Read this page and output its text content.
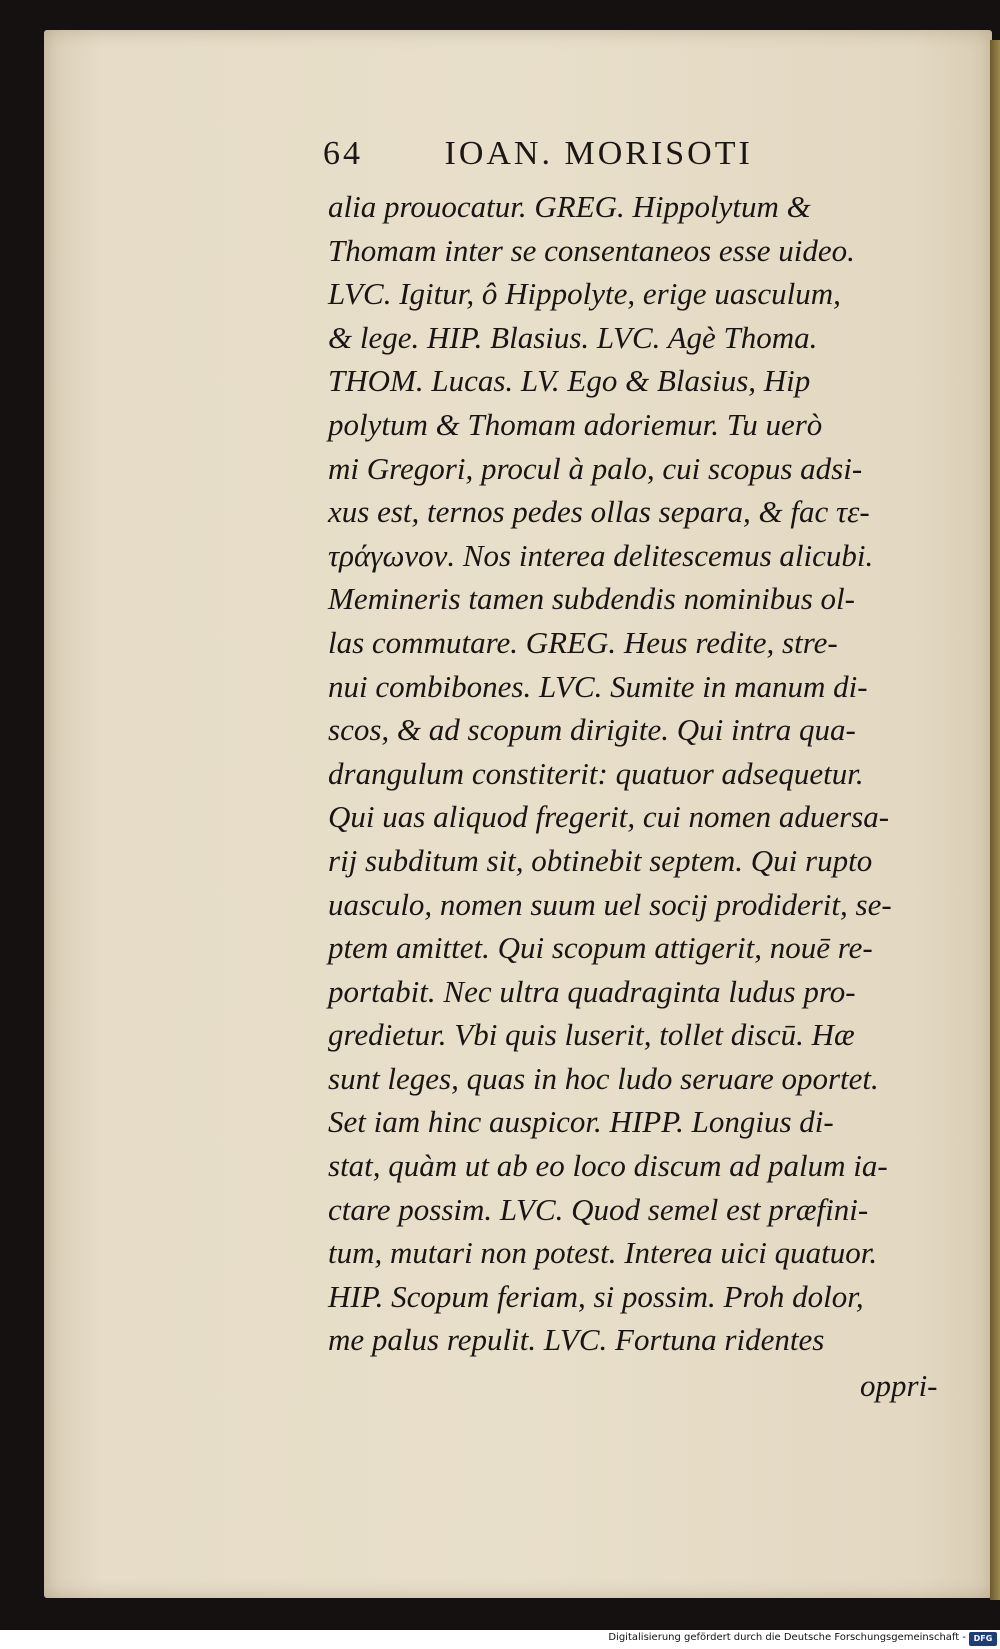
64 IOAN. MORISOTI
alia prouocatur. GREG. Hippolytum &
Thomam inter se consentaneos esse uideo.
LVC. Igitur, ô Hippolyte, erige uasculum,
& lege. HIP. Blasius. LVC. Agè Thoma.
THOM. Lucas. LV. Ego & Blasius, Hip
polytum & Thomam adoriemur. Tu uerò
mi Gregori, procul à palo, cui scopus adsi-
xus est, ternos pedes ollas separa, & fac τε-
τράγωνον. Nos interea delitescemus alicubi.
Memineris tamen subdendis nominibus ol-
las commutare. GREG. Heus redite, stre-
nui combibones. LVC. Sumite in manum di-
scos, & ad scopum dirigite. Qui intra qua-
drangulum constiterit: quatuor adsequetur.
Qui uas aliquod fregerit, cui nomen aduersa-
rij subditum sit, obtinebit septem. Qui rupto
uasculo, nomen suum uel socij prodiderit, se-
ptem amittet. Qui scopum attigerit, nouē re-
portabit. Nec ultra quadraginta ludus pro-
gredietur. Vbi quis luserit, tollet discū. Hæ
sunt leges, quas in hoc ludo seruare oportet.
Set iam hinc auspicor. HIPP. Longius di-
stat, quàm ut ab eo loco discum ad palum ia-
ctare possim. LVC. Quod semel est præfini-
tum, mutari non potest. Interea uici quatuor.
HIP. Scopum feriam, si possim. Proh dolor,
me palus repulit. LVC. Fortuna ridentes
oppri-
Digitalisierung gefördert durch die Deutsche Forschungsgemeinschaft - DFG
